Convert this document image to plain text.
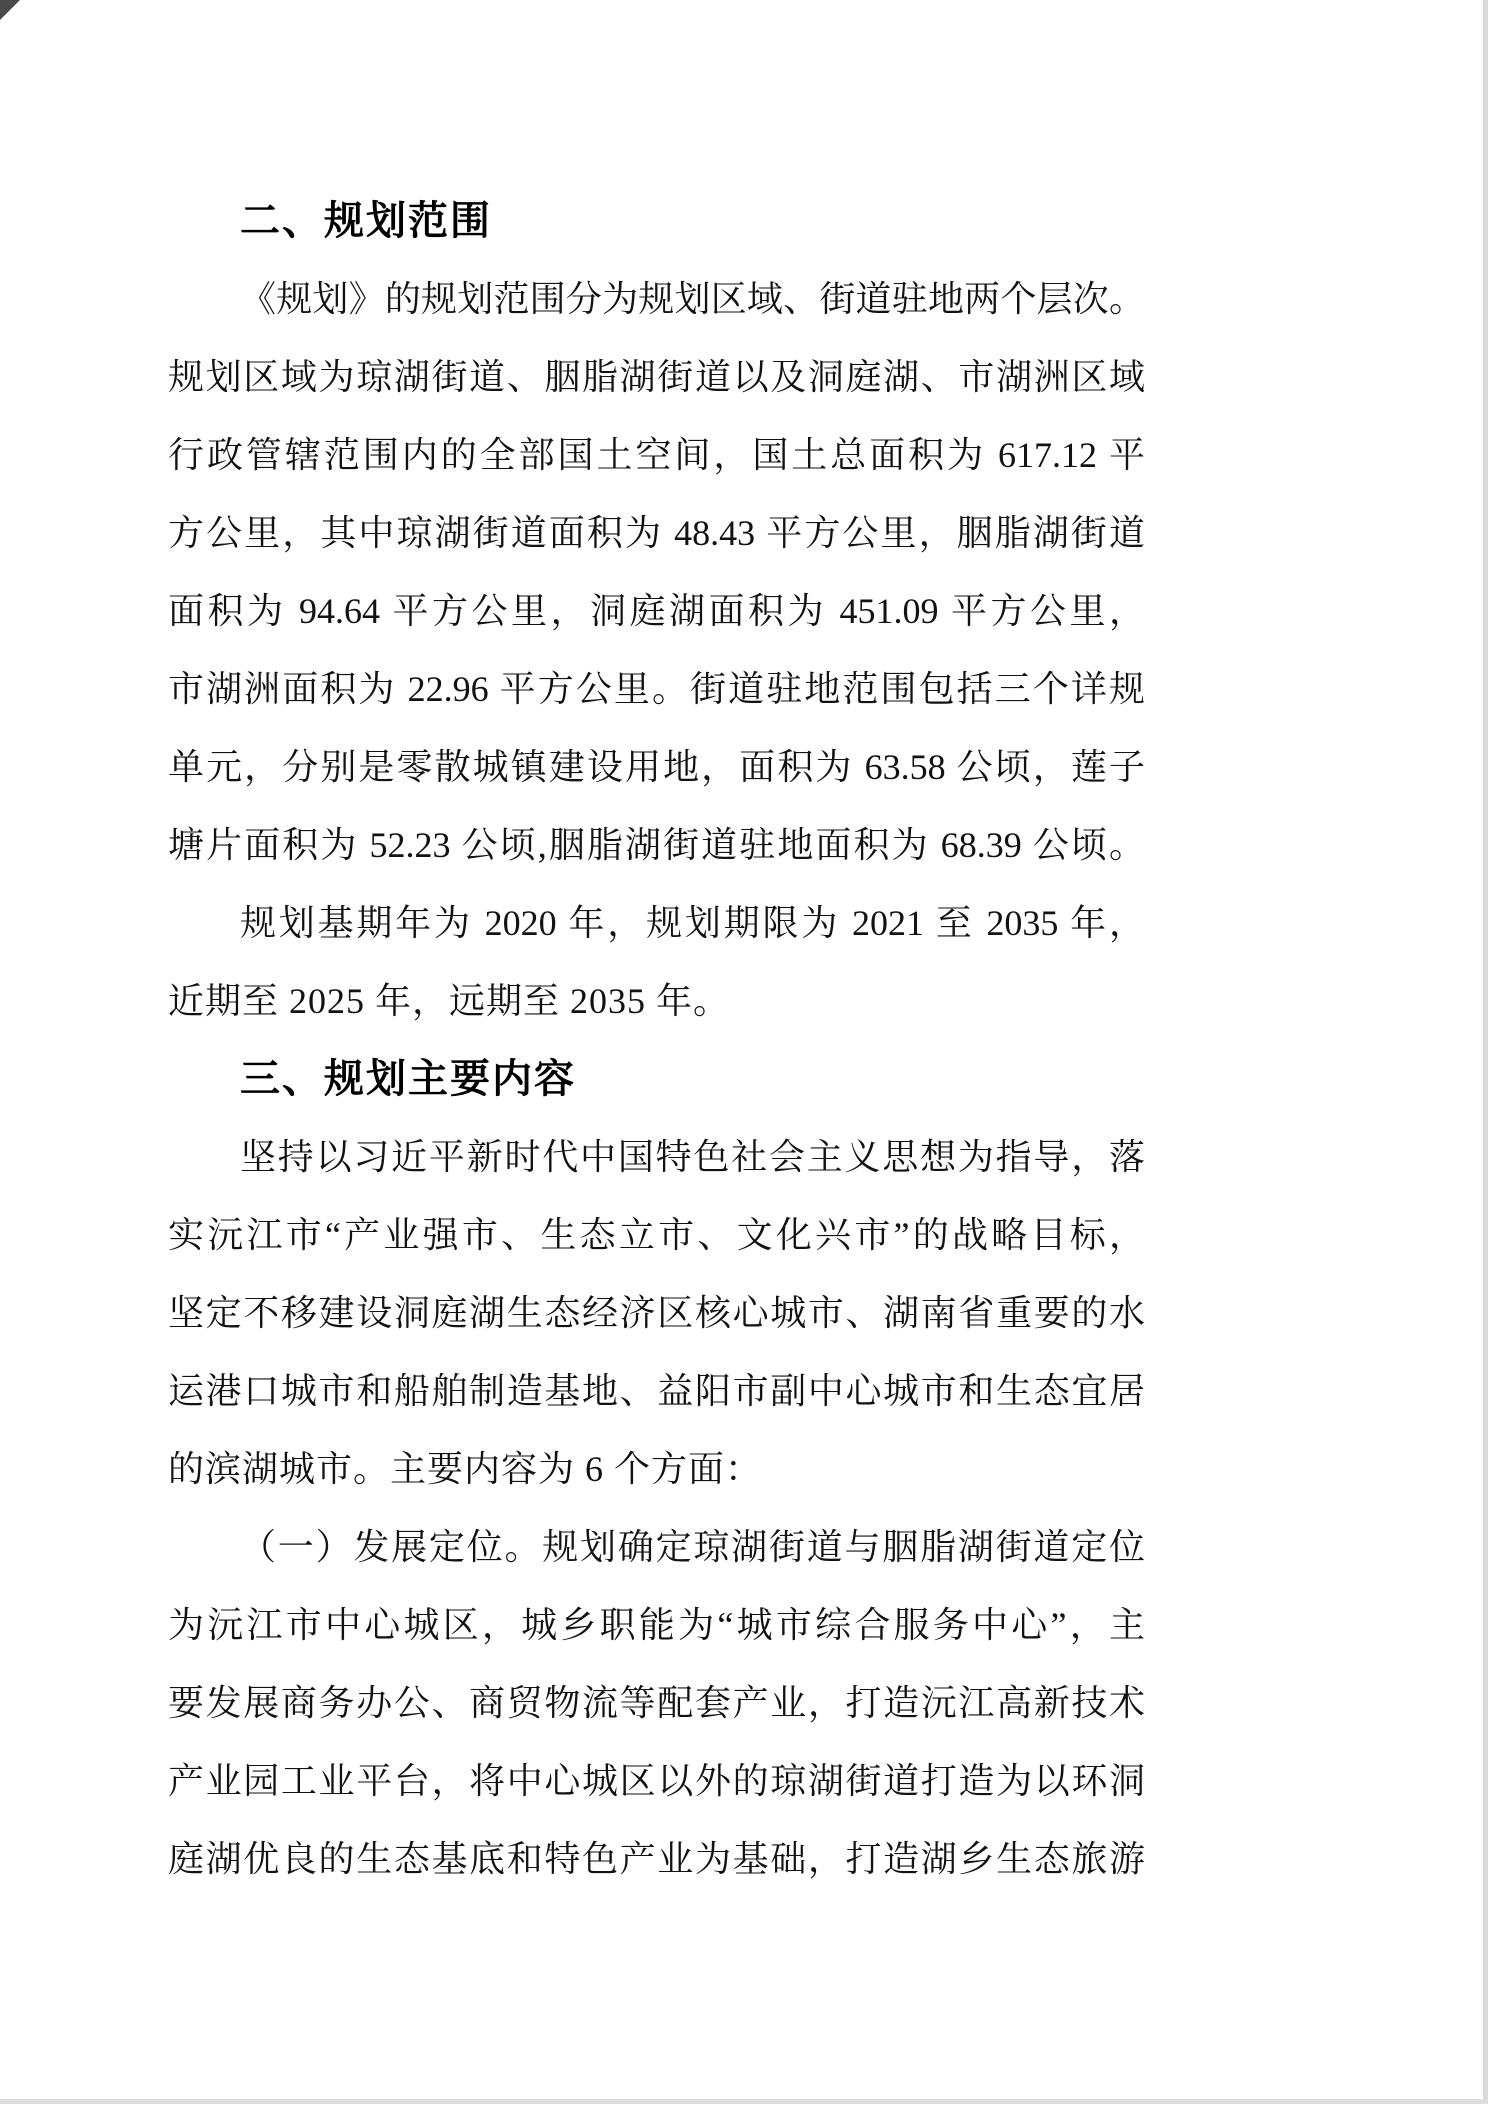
二、规划范围
《规划》的规划范围分为规划区域、街道驻地两个层次。
规划区域为琼湖街道、胭脂湖街道以及洞庭湖、市湖洲区域
行政管辖范围内的全部国土空间，国土总面积为 617.12 平
方公里，其中琼湖街道面积为 48.43 平方公里，胭脂湖街道
面积为 94.64 平方公里，洞庭湖面积为 451.09 平方公里，
市湖洲面积为 22.96 平方公里。街道驻地范围包括三个详规
单元，分别是零散城镇建设用地，面积为 63.58 公顷，莲子
塘片面积为 52.23 公顷,胭脂湖街道驻地面积为 68.39 公顷。
规划基期年为 2020 年，规划期限为 2021 至 2035 年，
近期至 2025 年，远期至 2035 年。
三、规划主要内容
坚持以习近平新时代中国特色社会主义思想为指导，落
实沅江市“产业强市、生态立市、文化兴市”的战略目标，
坚定不移建设洞庭湖生态经济区核心城市、湖南省重要的水
运港口城市和船舶制造基地、益阳市副中心城市和生态宜居
的滨湖城市。主要内容为 6 个方面：
（一）发展定位。规划确定琼湖街道与胭脂湖街道定位
为沅江市中心城区，城乡职能为“城市综合服务中心”，主
要发展商务办公、商贸物流等配套产业，打造沅江高新技术
产业园工业平台，将中心城区以外的琼湖街道打造为以环洞
庭湖优良的生态基底和特色产业为基础，打造湖乡生态旅游
